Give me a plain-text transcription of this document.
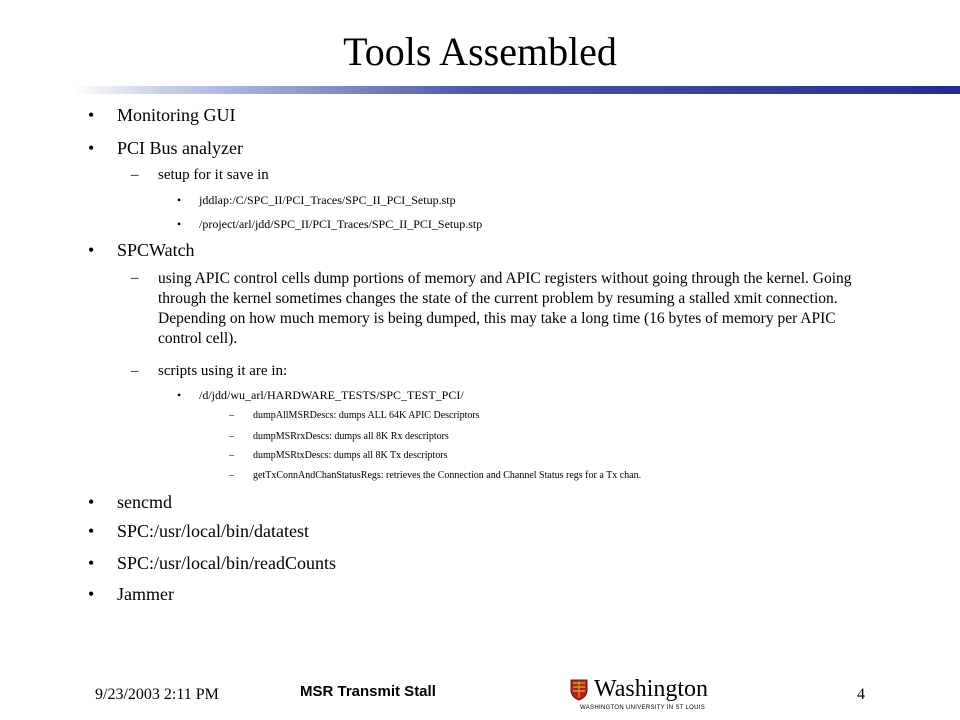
Tools Assembled
• Monitoring GUI
• PCI Bus analyzer
– setup for it save in
• jddlap:/C/SPC_II/PCI_Traces/SPC_II_PCI_Setup.stp
• /project/arl/jdd/SPC_II/PCI_Traces/SPC_II_PCI_Setup.stp
• SPCWatch
– using APIC control cells dump portions of memory and APIC registers without going through the kernel. Going through the kernel sometimes changes the state of the current problem by resuming a stalled xmit connection. Depending on how much memory is being dumped, this may take a long time (16 bytes of memory per APIC control cell).
– scripts using it are in:
• /d/jdd/wu_arl/HARDWARE_TESTS/SPC_TEST_PCI/
– dumpAllMSRDescs: dumps ALL 64K APIC Descriptors
– dumpMSRrxDescs: dumps all 8K Rx descriptors
– dumpMSRtxDescs: dumps all 8K Tx descriptors
– getTxConnAndChanStatusRegs: retrieves the Connection and Channel Status regs for a Tx chan.
• sencmd
• SPC:/usr/local/bin/datatest
• SPC:/usr/local/bin/readCounts
• Jammer
9/23/2003 2:11 PM	MSR Transmit Stall	Washington
WASHINGTON UNIVERSITY IN ST LOUIS
4
